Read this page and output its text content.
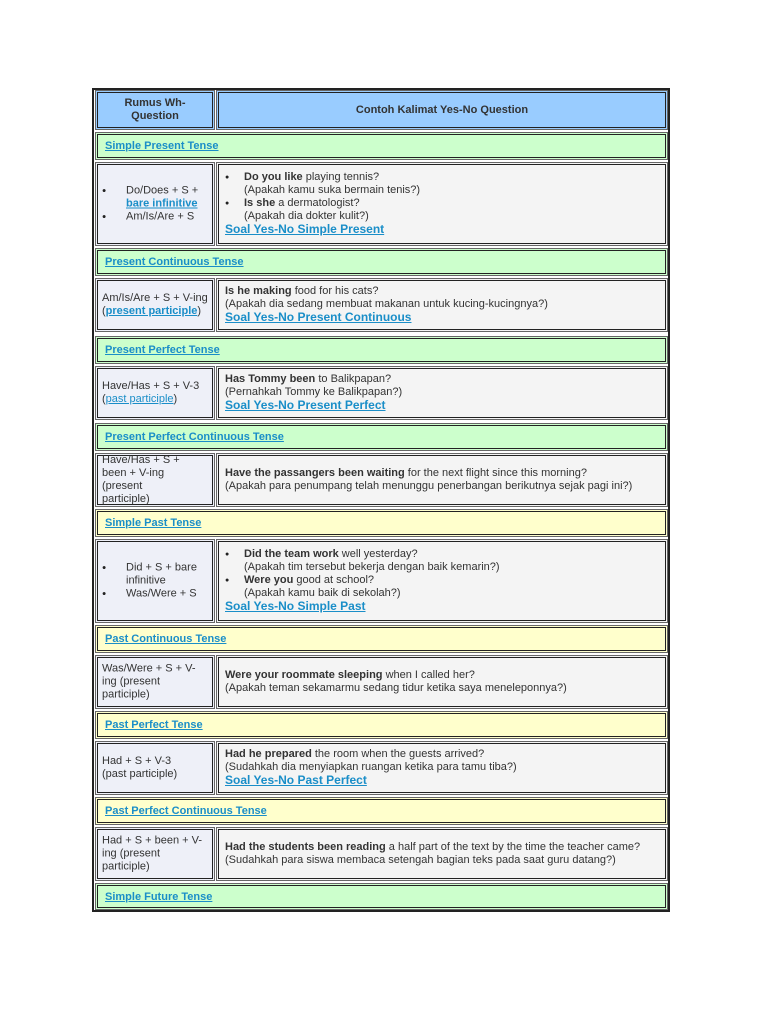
Rumus Wh-Question
Contoh Kalimat Yes-No Question
Simple Present Tense
● Do/Does + S + bare infinitive
● Am/Is/Are + S
● Do you like playing tennis?
(Apakah kamu suka bermain tenis?)
● Is she a dermatologist?
(Apakah dia dokter kulit?)
Soal Yes-No Simple Present
Present Continuous Tense
Am/Is/Are + S + V-ing (present participle)
Is he making food for his cats?
(Apakah dia sedang membuat makanan untuk kucing-kucingnya?)
Soal Yes-No Present Continuous
Present Perfect Tense
Have/Has + S + V-3 (past participle)
Has Tommy been to Balikpapan?
(Pernahkah Tommy ke Balikpapan?)
Soal Yes-No Present Perfect
Present Perfect Continuous Tense
Have/Has + S + been + V-ing (present participle)
Have the passangers been waiting for the next flight since this morning?
(Apakah para penumpang telah menunggu penerbangan berikutnya sejak pagi ini?)
Simple Past Tense
● Did + S + bare infinitive
● Was/Were + S
● Did the team work well yesterday?
(Apakah tim tersebut bekerja dengan baik kemarin?)
● Were you good at school?
(Apakah kamu baik di sekolah?)
Soal Yes-No Simple Past
Past Continuous Tense
Was/Were + S + V-ing (present participle)
Were your roommate sleeping when I called her?
(Apakah teman sekamarmu sedang tidur ketika saya meneleponnya?)
Past Perfect Tense
Had + S + V-3 (past participle)
Had he prepared the room when the guests arrived?
(Sudahkah dia menyiapkan ruangan ketika para tamu tiba?)
Soal Yes-No Past Perfect
Past Perfect Continuous Tense
Had + S + been + V-ing (present participle)
Had the students been reading a half part of the text by the time the teacher came?
(Sudahkah para siswa membaca setengah bagian teks pada saat guru datang?)
Simple Future Tense
